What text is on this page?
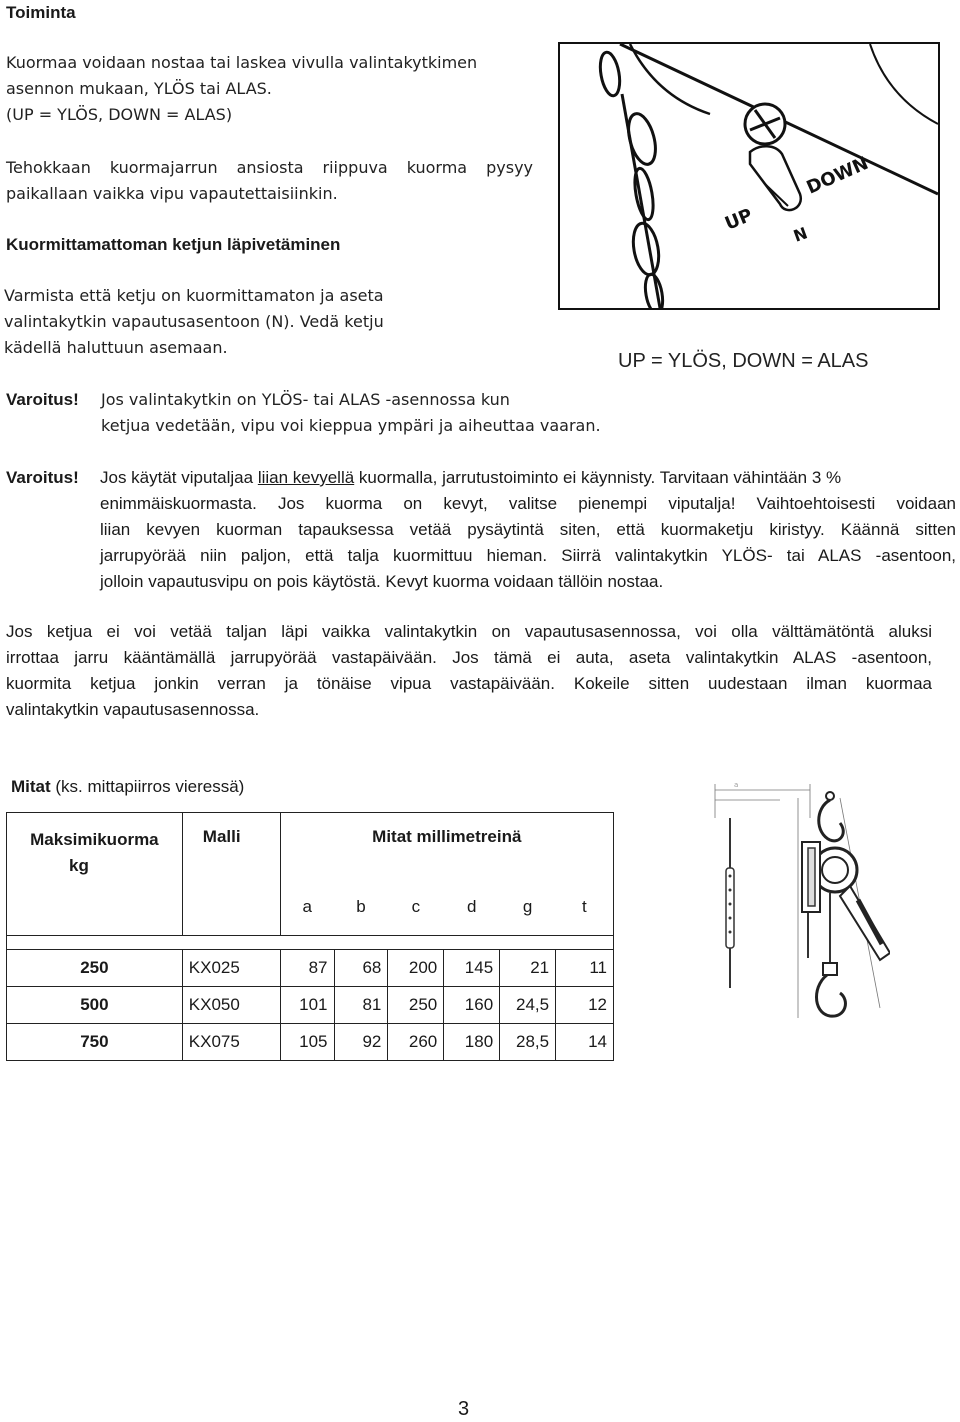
Toiminta
Kuormaa voidaan nostaa tai laskea vivulla valintakytkimen
asennon mukaan, YLÖS tai ALAS.
(UP = YLÖS, DOWN = ALAS)
Tehokkaan kuormajarrun ansiosta riippuva kuorma pysyy
paikallaan vaikka vipu vapautettaisiinkin.
Kuormittamattoman ketjun läpivetäminen
Varmista että ketju on kuormittamaton ja aseta
valintakytkin vapautusasentoon (N). Vedä ketju
kädellä haluttuun asemaan.
UP
DOWN
N
UP = YLÖS, DOWN = ALAS
Varoitus! Jos valintakytkin on YLÖS- tai ALAS -asennossa kun
ketjua vedetään, vipu voi kieppua ympäri ja aiheuttaa vaaran.
Varoitus! Jos käytät viputaljaa liian kevyellä kuormalla, jarrutustoiminto ei käynnisty. Tarvitaan vähintään 3 %
enimmäiskuormasta. Jos kuorma on kevyt, valitse pienempi viputalja! Vaihtoehtoisesti voidaan
liian kevyen kuorman tapauksessa vetää pysäytintä siten, että kuormaketju kiristyy. Käännä sitten
jarrupyörää niin paljon, että talja kuormittuu hieman. Siirrä valintakytkin YLÖS- tai ALAS -asentoon,
jolloin vapautusvipu on pois käytöstä. Kevyt kuorma voidaan tällöin nostaa.
Jos ketjua ei voi vetää taljan läpi vaikka valintakytkin on vapautusasennossa, voi olla välttämätöntä aluksi
irrottaa jarru kääntämällä jarrupyörää vastapäivään. Jos tämä ei auta, aseta valintakytkin ALAS -asentoon,
kuormita ketjua jonkin verran ja tönäise vipua vastapäivään. Kokeile sitten uudestaan ilman kuormaa
valintakytkin vapautusasennossa.
Mitat (ks. mittapiirros vieressä)
Maksimikuorma
kg	Malli	Mitat millimetreinä					
		a	b	c	d	g	t

250	KX025	87	68	200	145	21	11
500	KX050	101	81	250	160	24,5	12
750	KX075	105	92	260	180	28,5	14
a
3
